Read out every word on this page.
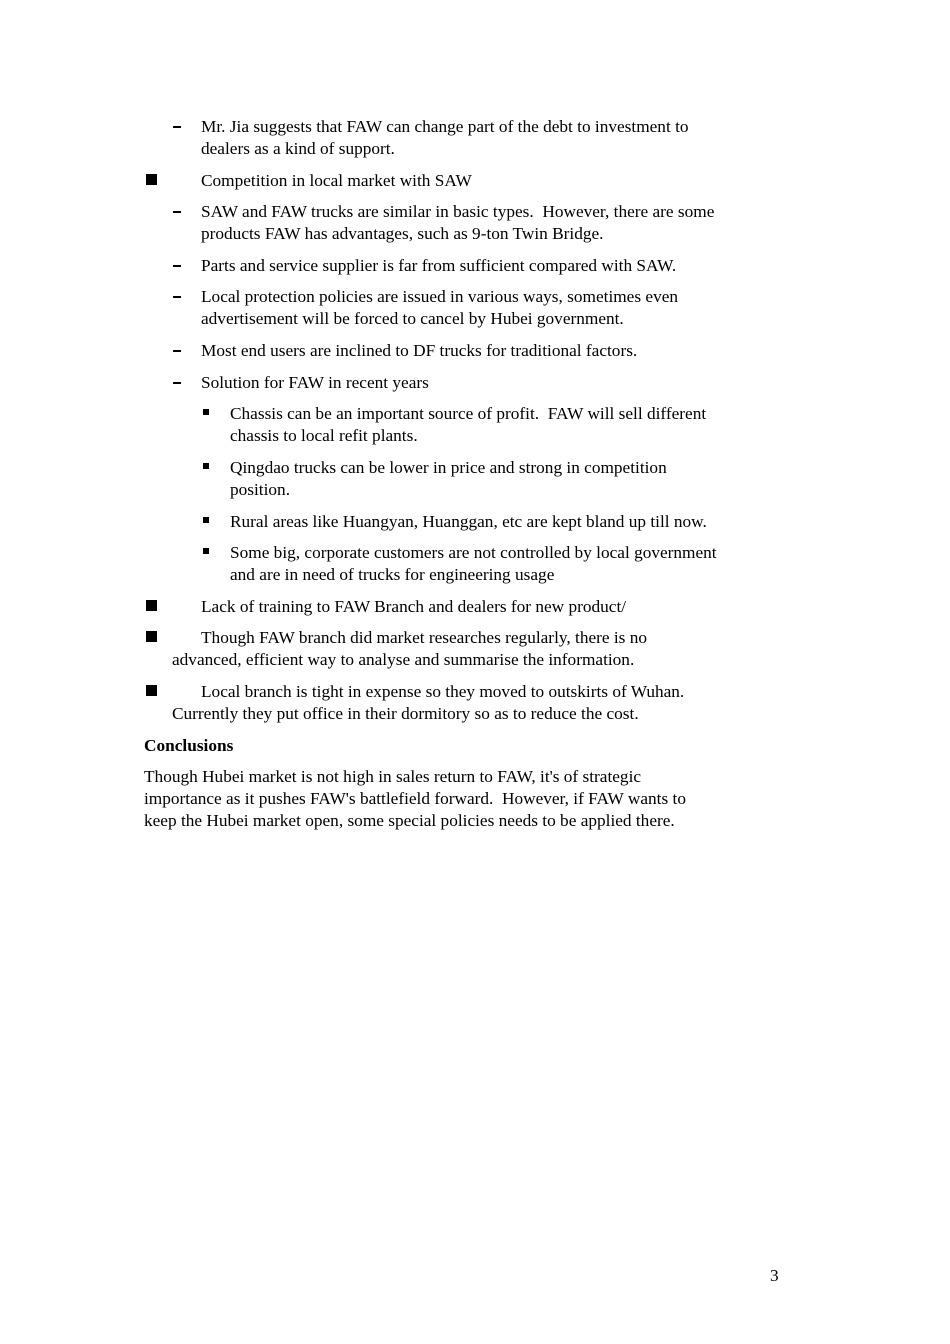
Mr. Jia suggests that FAW can change part of the debt to investment to

dealers as a kind of support.

Competition in local market with SAW

SAW and FAW trucks are similar in basic types.  However, there are some

products FAW has advantages, such as 9-ton Twin Bridge.

Parts and service supplier is far from sufficient compared with SAW.

Local protection policies are issued in various ways, sometimes even

advertisement will be forced to cancel by Hubei government.

Most end users are inclined to DF trucks for traditional factors.

Solution for FAW in recent years

Chassis can be an important source of profit.  FAW will sell different

chassis to local refit plants.

Qingdao trucks can be lower in price and strong in competition

position.

Rural areas like Huangyan, Huanggan, etc are kept bland up till now.

Some big, corporate customers are not controlled by local government

and are in need of trucks for engineering usage

Lack of training to FAW Branch and dealers for new product/

Though FAW branch did market researches regularly, there is no

advanced, efficient way to analyse and summarise the information.

Local branch is tight in expense so they moved to outskirts of Wuhan.

Currently they put office in their dormitory so as to reduce the cost.

Conclusions

Though Hubei market is not high in sales return to FAW, it's of strategic

importance as it pushes FAW's battlefield forward.  However, if FAW wants to

keep the Hubei market open, some special policies needs to be applied there.

3
